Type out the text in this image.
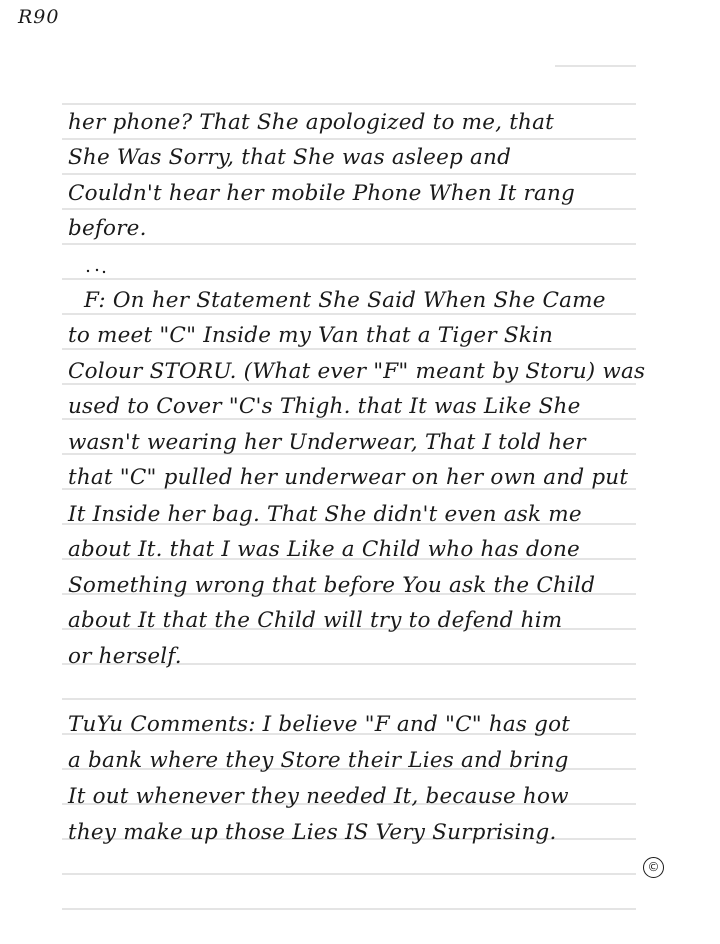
R90
her phone? That She apologized to me, that
She Was Sorry, that She was asleep and
Couldn't hear her mobile Phone When It rang
before.
F: On her Statement She Said When She Came
to meet "C" Inside my Van that a Tiger Skin
Colour STORU. (What ever "F" meant by Storu) was
used to Cover "C's Thigh. that It was Like She
wasn't wearing her Underwear, That I told her
that "C" pulled her underwear on her own and put
It Inside her bag. That She didn't even ask me
about It. that I was Like a Child who has done
Something wrong that before You ask the Child
about It that the Child will try to defend him
or herself.
TuYu Comments: I believe "F and "C" has got
a bank where they Store their Lies and bring
It out whenever they needed It, because how
they make up those Lies IS Very Surprising.
©
